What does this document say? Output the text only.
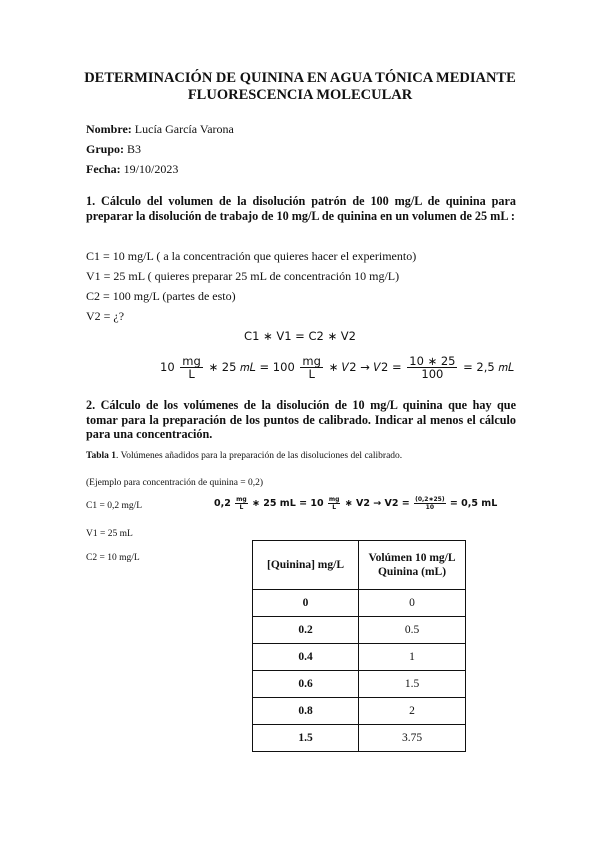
DETERMINACIÓN DE QUININA EN AGUA TÓNICA MEDIANTE
FLUORESCENCIA MOLECULAR
Nombre: Lucía García Varona
Grupo: B3
Fecha: 19/10/2023
1. Cálculo del volumen de la disolución patrón de 100 mg/L de quinina para preparar la disolución de trabajo de 10 mg/L de quinina en un volumen de 25 mL :
C1 = 10 mg/L ( a la concentración que quieres hacer el experimento)
V1 = 25 mL ( quieres preparar 25 mL de concentración 10 mg/L)
C2 = 100 mg/L (partes de esto)
V2 = ¿?
C1 ∗ V1 = C2 ∗ V2
$10 \frac{mg}{L}$ ∗ 25 𝑚𝐿 = $100 \frac{mg}{L}$ ∗ 𝑉2 → 𝑉2 = $\frac{10 ∗ 25}{100} = 2,5$ 𝑚𝐿
2. Cálculo de los volúmenes de la disolución de 10 mg/L quinina que hay que tomar para la preparación de los puntos de calibrado. Indicar al menos el cálculo para una concentración.
Tabla 1. Volúmenes añadidos para la preparación de las disoluciones del calibrado.
(Ejemplo para concentración de quinina = 0,2)
C1 = 0,2 mg/L	$0,2 \frac{mg}{L}$ ∗ 25 mL = $10 \frac{mg}{L}$ ∗ $V2 \to V2 = \frac{(0,2∗25)}{10} = 0,5$ mL
V1 = 25 mL
C2 = 10 mg/L
[Quinina] mg/L	Volúmen 10 mg/L Quinina (mL)
0	0
0.2	0.5
0.4	1
0.6	1.5
0.8	2
1.5	3.75
